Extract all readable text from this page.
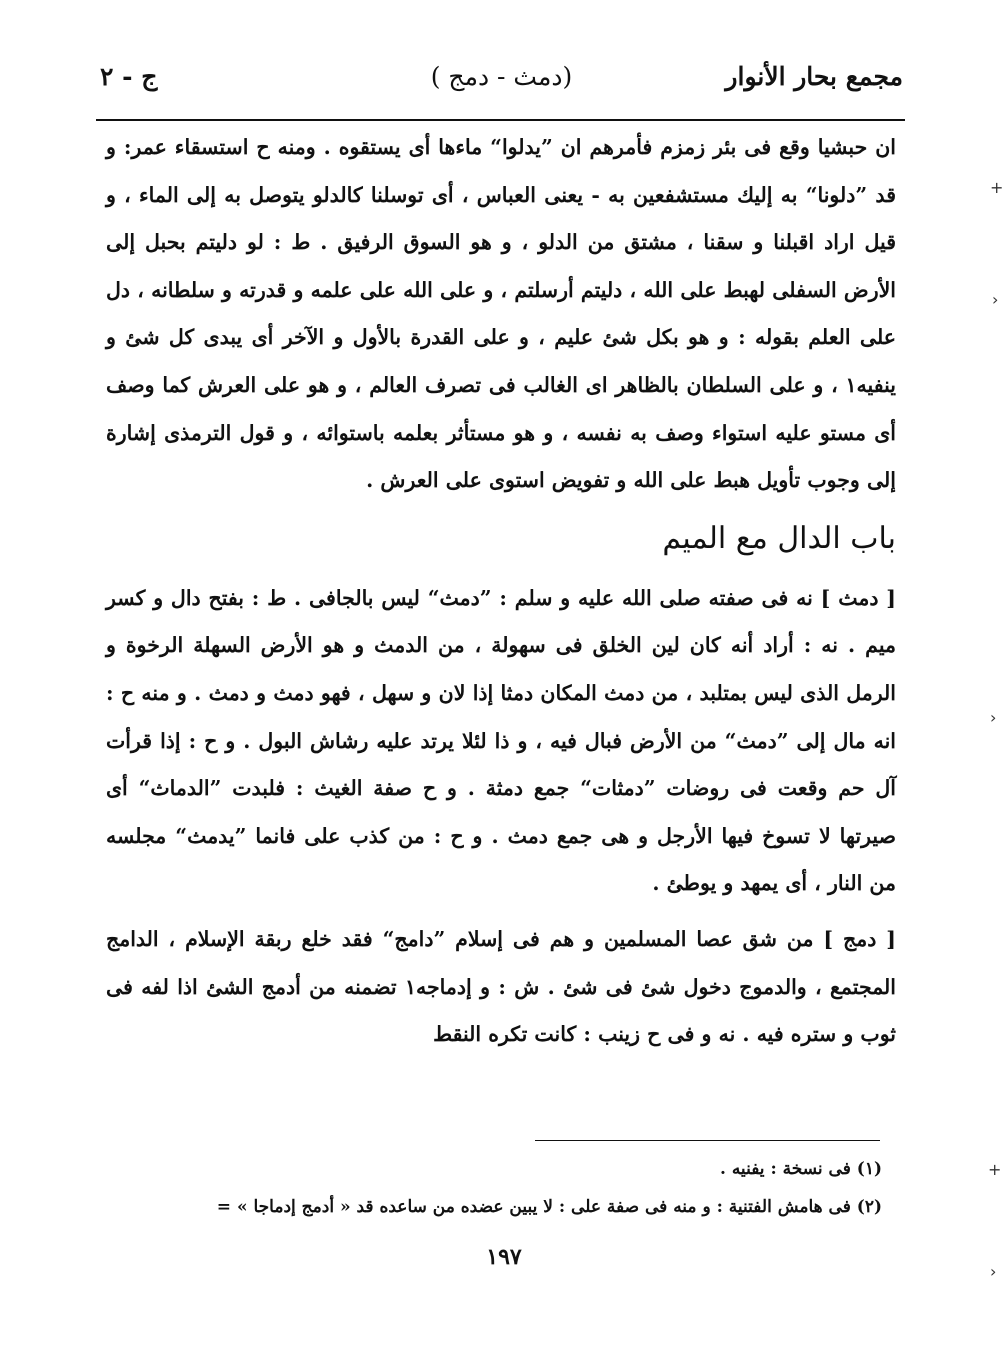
مجمع بحار الأنوار
(دمث - دمج )
ج - ٢

ان حبشيا وقع فى بئر زمزم فأمرهم ان ”يدلوا“ ماءها أى يستقوه . ومنه ح استسقاء عمر: و قد ”دلونا“ به إليك مستشفعين به - يعنى العباس ، أى توسلنا كالدلو يتوصل به إلى الماء ، و قيل اراد اقبلنا و سقنا ، مشتق من الدلو ، و هو السوق الرفيق . ط : لو دليتم بحبل إلى الأرض السفلى لهبط على الله ، دليتم أرسلتم ، و على الله على علمه و قدرته و سلطانه ، دل على العلم بقوله : و هو بكل شئ عليم ، و على القدرة بالأول و الآخر أى يبدى كل شئ و ينفيه١ ، و على السلطان بالظاهر اى الغالب فى تصرف العالم ، و هو على العرش كما وصف أى مستو عليه استواء وصف به نفسه ، و هو مستأثر بعلمه باستوائه ، و قول الترمذى إشارة إلى وجوب تأويل هبط على الله و تفويض استوى على العرش .

باب الدال مع الميم

[ دمث ] نه فى صفته صلى الله عليه و سلم : ”دمث“ ليس بالجافى . ط : بفتح دال و كسر ميم . نه : أراد أنه كان لين الخلق فى سهولة ، من الدمث و هو الأرض السهلة الرخوة و الرمل الذى ليس بمتلبد ، من دمث المكان دمثا إذا لان و سهل ، فهو دمث و دمث . و منه ح : انه مال إلى ”دمث“ من الأرض فبال فيه ، و ذا لئلا يرتد عليه رشاش البول . و ح : إذا قرأت آل حم وقعت فى روضات ”دمثات“ جمع دمثة . و ح صفة الغيث : فلبدت ”الدماث“ أى صيرتها لا تسوخ فيها الأرجل و هى جمع دمث . و ح : من كذب على فانما ”يدمث“ مجلسه من النار ، أى يمهد و يوطئ .

[ دمج ] من شق عصا المسلمين و هم فى إسلام ”دامج“ فقد خلع ربقة الإسلام ، الدامج المجتمع ، والدموج دخول شئ فى شئ . ش : و إدماجه١ تضمنه من أدمج الشئ اذا لفه فى ثوب و ستره فيه . نه و فى ح زينب : كانت تكره النقط

(١) فى نسخة : يفنيه .

(٢) فى هامش الفتنية : و منه فى صفة على : لا يبين عضده من ساعده قد « أدمج إدماجا » =

١٩٧
+
›
›
+
›
